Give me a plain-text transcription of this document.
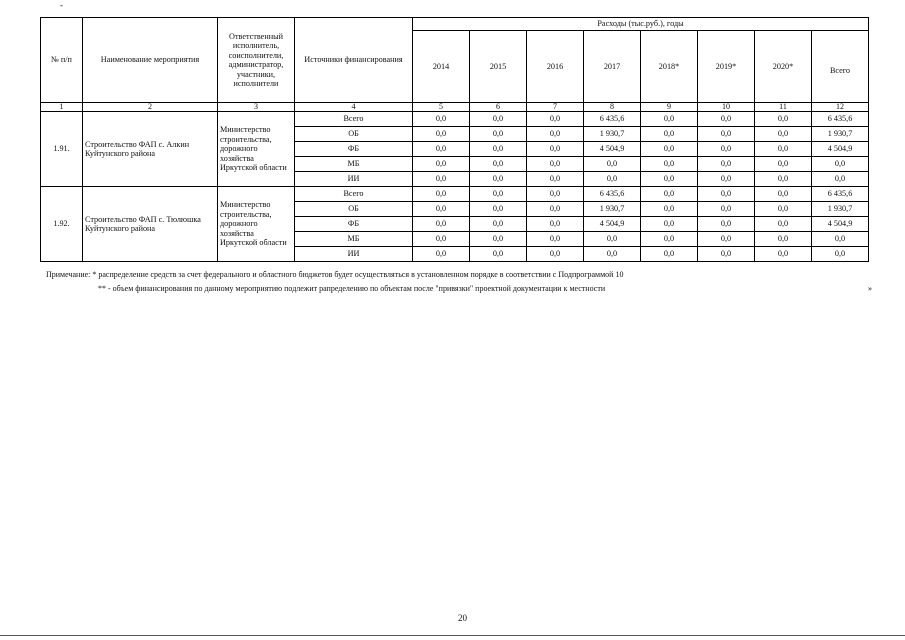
-
№ п/п	Наименование мероприятия	Ответственный исполнитель, соисполнители, администратор, участники, исполнители	Источники финансирования	Расходы (тыс.руб.), годы							
				2014	2015	2016	2017	2018*	2019*	2020*	Всего
1	2	3	4	5	6	7	8	9	10	11	12
1.91.	Строительство ФАП с. Алкин Куйтунского района	Министерство строительства, дорожного хозяйства Иркутской области	Всего	0,0	0,0	0,0	6 435,6	0,0	0,0	0,0	6 435,6
			ОБ	0,0	0,0	0,0	1 930,7	0,0	0,0	0,0	1 930,7
			ФБ	0,0	0,0	0,0	4 504,9	0,0	0,0	0,0	4 504,9
			МБ	0,0	0,0	0,0	0,0	0,0	0,0	0,0	0,0
			ИИ	0,0	0,0	0,0	0,0	0,0	0,0	0,0	0,0
1.92.	Строительство ФАП с. Тюлюшка Куйтунского района	Министерство строительства, дорожного хозяйства Иркутской области	Всего	0,0	0,0	0,0	6 435,6	0,0	0,0	0,0	6 435,6
			ОБ	0,0	0,0	0,0	1 930,7	0,0	0,0	0,0	1 930,7
			ФБ	0,0	0,0	0,0	4 504,9	0,0	0,0	0,0	4 504,9
			МБ	0,0	0,0	0,0	0,0	0,0	0,0	0,0	0,0
			ИИ	0,0	0,0	0,0	0,0	0,0	0,0	0,0	0,0
Примечание: * распределение средств за счет федерального и областного бюджетов будет осуществляться в установленном порядке в соответствии с Подпрограммой 10
** - объем финансирования по данному мероприятию подлежит рапределению по объектам после "привязки" проектной документации к местности	»
20
